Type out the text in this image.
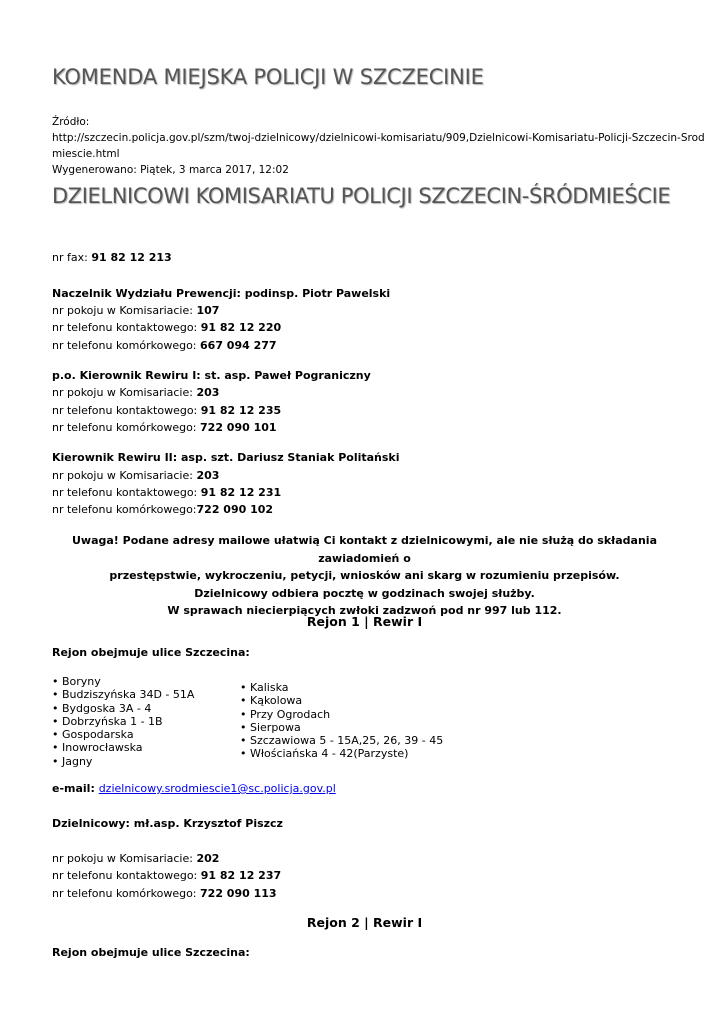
KOMENDA MIEJSKA POLICJI W SZCZECINIE
Źródło:
http://szczecin.policja.gov.pl/szm/twoj-dzielnicowy/dzielnicowi-komisariatu/909,Dzielnicowi-Komisariatu-Policji-Szczecin-Srod
miescie.html
Wygenerowano: Piątek, 3 marca 2017, 12:02
DZIELNICOWI KOMISARIATU POLICJI SZCZECIN-ŚRÓDMIEŚCIE
nr fax: 91 82 12 213
Naczelnik Wydziału Prewencji: podinsp. Piotr Pawelski
nr pokoju w Komisariacie: 107
nr telefonu kontaktowego: 91 82 12 220
nr telefonu komórkowego: 667 094 277
p.o. Kierownik Rewiru I: st. asp. Paweł Pograniczny
nr pokoju w Komisariacie: 203
nr telefonu kontaktowego: 91 82 12 235
nr telefonu komórkowego: 722 090 101
Kierownik Rewiru II: asp. szt. Dariusz Staniak Politański
nr pokoju w Komisariacie: 203
nr telefonu kontaktowego: 91 82 12 231
nr telefonu komórkowego:722 090 102
Uwaga! Podane adresy mailowe ułatwią Ci kontakt z dzielnicowymi, ale nie służą do składania zawiadomień o
przestępstwie, wykroczeniu, petycji, wniosków ani skarg w rozumieniu przepisów.
Dzielnicowy odbiera pocztę w godzinach swojej służby.
W sprawach niecierpiących zwłoki zadzwoń pod nr 997 lub 112.
Rejon 1 | Rewir I
Rejon obejmuje ulice Szczecina:
• Boryny
• Budziszyńska 34D - 51A
• Bydgoska 3A - 4
• Dobrzyńska 1 - 1B
• Gospodarska
• Inowrocławska
• Jagny
• Kaliska
• Kąkolowa
• Przy Ogrodach
• Sierpowa
• Szczawiowa 5 - 15A,25, 26, 39 - 45
• Włościańska 4 - 42(Parzyste)
e-mail: dzielnicowy.srodmiescie1@sc.policja.gov.pl
Dzielnicowy: mł.asp. Krzysztof Piszcz
nr pokoju w Komisariacie: 202
nr telefonu kontaktowego: 91 82 12 237
nr telefonu komórkowego: 722 090 113
Rejon 2 | Rewir I
Rejon obejmuje ulice Szczecina:
